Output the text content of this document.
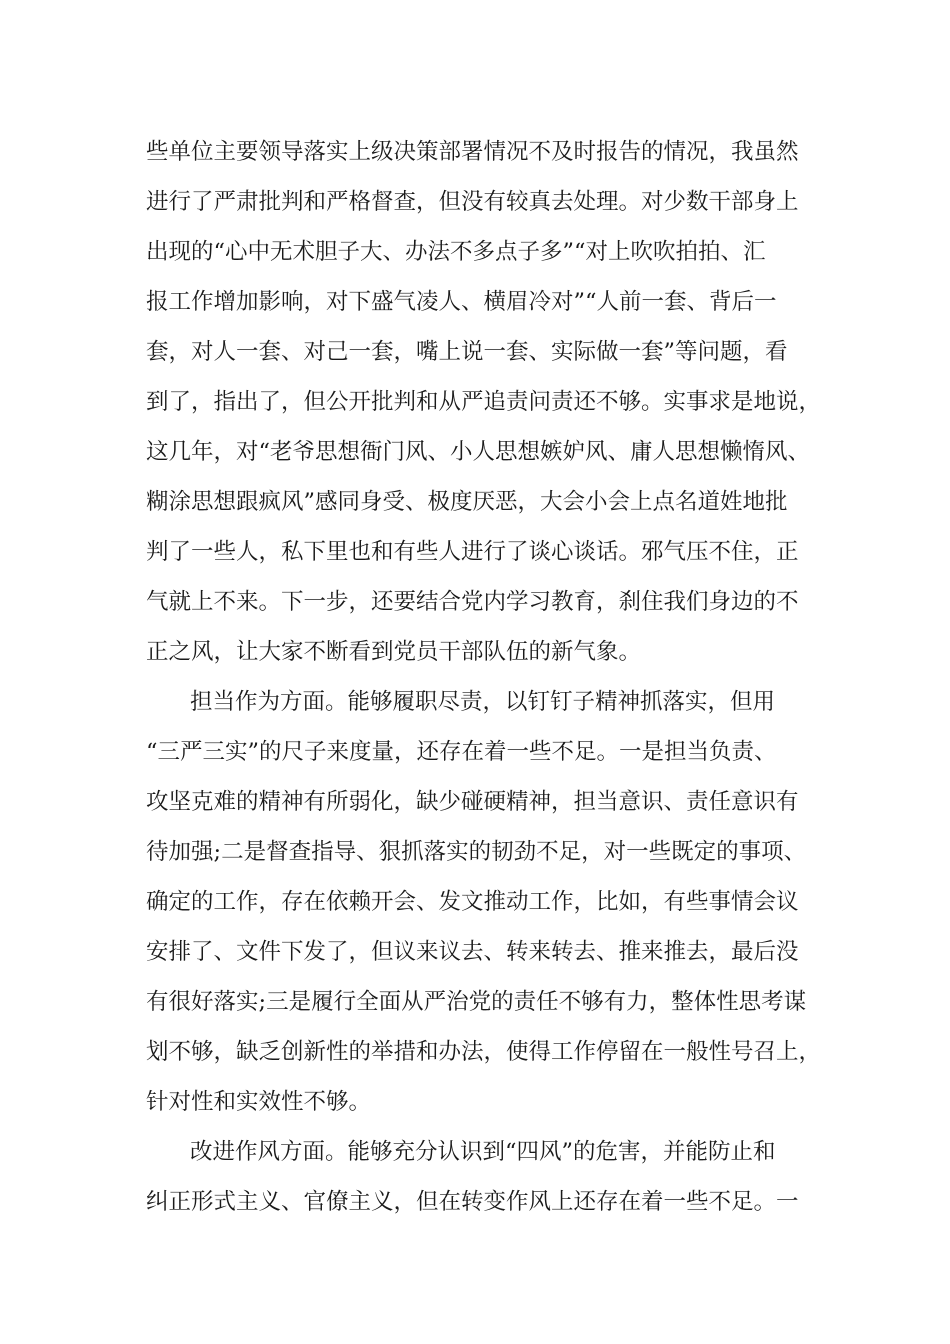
些单位主要领导落实上级决策部署情况不及时报告的情况，我虽然
进行了严肃批判和严格督查，但没有较真去处理。对少数干部身上
出现的“心中无术胆子大、办法不多点子多”“对上吹吹拍拍、汇
报工作增加影响，对下盛气凌人、横眉冷对”“人前一套、背后一
套，对人一套、对己一套，嘴上说一套、实际做一套”等问题，看
到了，指出了，但公开批判和从严追责问责还不够。实事求是地说，
这几年，对“老爷思想衙门风、小人思想嫉妒风、庸人思想懒惰风、
糊涂思想跟疯风”感同身受、极度厌恶，大会小会上点名道姓地批
判了一些人，私下里也和有些人进行了谈心谈话。邪气压不住，正
气就上不来。下一步，还要结合党内学习教育，刹住我们身边的不
正之风，让大家不断看到党员干部队伍的新气象。
担当作为方面。能够履职尽责，以钉钉子精神抓落实，但用
“三严三实”的尺子来度量，还存在着一些不足。一是担当负责、
攻坚克难的精神有所弱化，缺少碰硬精神，担当意识、责任意识有
待加强;二是督查指导、狠抓落实的韧劲不足，对一些既定的事项、
确定的工作，存在依赖开会、发文推动工作，比如，有些事情会议
安排了、文件下发了，但议来议去、转来转去、推来推去，最后没
有很好落实;三是履行全面从严治党的责任不够有力，整体性思考谋
划不够，缺乏创新性的举措和办法，使得工作停留在一般性号召上，
针对性和实效性不够。
改进作风方面。能够充分认识到“四风”的危害，并能防止和
纠正形式主义、官僚主义，但在转变作风上还存在着一些不足。一
